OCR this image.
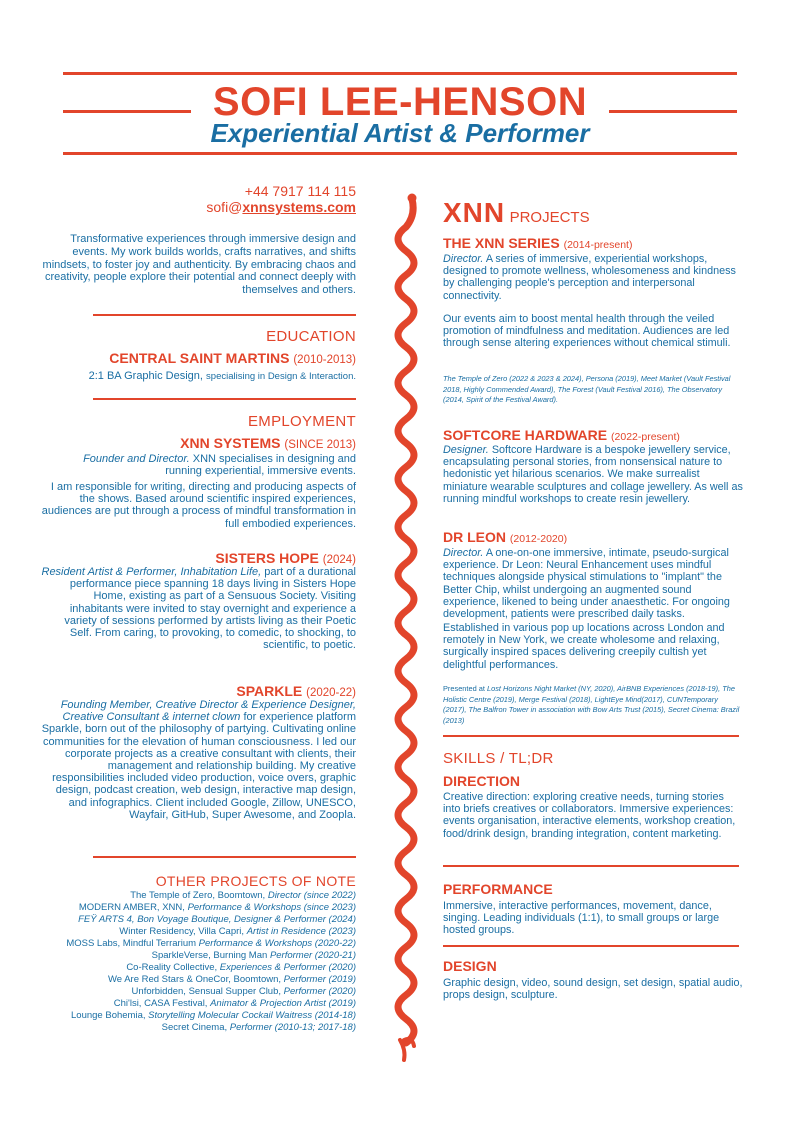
SOFI LEE-HENSON
Experiential Artist & Performer
+44 7917 114 115
sofi@xnnsystems.com
Transformative experiences through immersive design and events. My work builds worlds, crafts narratives, and shifts mindsets, to foster joy and authenticity. By embracing chaos and creativity, people explore their potential and connect deeply with themselves and others.
EDUCATION
CENTRAL SAINT MARTINS (2010-2013)
2:1 BA Graphic Design, specialising in Design & Interaction.
EMPLOYMENT
XNN SYSTEMS (SINCE 2013)
Founder and Director. XNN specialises in designing and running experiential, immersive events.
I am responsible for writing, directing and producing aspects of the shows. Based around scientific inspired experiences, audiences are put through a process of mindful transformation in full embodied experiences.
SISTERS HOPE (2024)
Resident Artist & Performer, Inhabitation Life, part of a durational performance piece spanning 18 days living in Sisters Hope Home, existing as part of a Sensuous Society. Visiting inhabitants were invited to stay overnight and experience a variety of sessions performed by artists living as their Poetic Self. From caring, to provoking, to comedic, to shocking, to scientific, to poetic.
SPARKLE (2020-22)
Founding Member, Creative Director & Experience Designer, Creative Consultant & internet clown for experience platform Sparkle, born out of the philosophy of partying. Cultivating online communities for the elevation of human consciousness. I led our corporate projects as a creative consultant with clients, their management and relationship building. My creative responsibilities included video production, voice overs, graphic design, podcast creation, web design, interactive map design, and infographics. Client included Google, Zillow, UNESCO, Wayfair, GitHub, Super Awesome, and Zoopla.
OTHER PROJECTS OF NOTE
The Temple of Zero, Boomtown, Director (since 2022)
MODERN AMBER, XNN, Performance & Workshops (since 2023)
FEŸ ARTS 4, Bon Voyage Boutique, Designer & Performer (2024)
Winter Residency, Villa Capri, Artist in Residence (2023)
MOSS Labs, Mindful Terrarium Performance & Workshops (2020-22)
SparkleVerse, Burning Man Performer (2020-21)
Co-Reality Collective, Experiences & Performer (2020)
We Are Red Stars & OneCor, Boomtown, Performer (2019)
Unforbidden, Sensual Supper Club, Performer (2020)
Chi'lsi, CASA Festival, Animator & Projection Artist (2019)
Lounge Bohemia, Storytelling Molecular Cockail Waitress (2014-18)
Secret Cinema, Performer (2010-13; 2017-18)
XNN PROJECTS
THE XNN SERIES (2014-present)
Director. A series of immersive, experiential workshops, designed to promote wellness, wholesomeness and kindness by challenging people's perception and interpersonal connectivity.
Our events aim to boost mental health through the veiled promotion of mindfulness and meditation. Audiences are led through sense altering experiences without chemical stimuli.
The Temple of Zero (2022 & 2023 & 2024), Persona (2019), Meet Market (Vault Festival 2018, Highly Commended Award), The Forest (Vault Festival 2016), The Observatory (2014, Spirit of the Festival Award).
SOFTCORE HARDWARE (2022-present)
Designer. Softcore Hardware is a bespoke jewellery service, encapsulating personal stories, from nonsensical nature to hedonistic yet hilarious scenarios. We make surrealist miniature wearable sculptures and collage jewellery. As well as running mindful workshops to create resin jewellery.
DR LEON (2012-2020)
Director. A one-on-one immersive, intimate, pseudo-surgical experience. Dr Leon: Neural Enhancement uses mindful techniques alongside physical stimulations to "implant" the Better Chip, whilst undergoing an augmented sound experience, likened to being under anaesthetic. For ongoing development, patients were prescribed daily tasks.
Established in various pop up locations across London and remotely in New York, we create wholesome and relaxing, surgically inspired spaces delivering creepily cultish yet delightful performances.
Presented at Lost Horizons Night Market (NY, 2020), AirBNB Experiences (2018-19), The Holistic Centre (2019), Merge Festival (2018), LightEye Mind(2017), CUNTemporary (2017), The Balfron Tower in association with Bow Arts Trust (2015), Secret Cinema: Brazil (2013)
SKILLS / TL;DR
DIRECTION
Creative direction: exploring creative needs, turning stories into briefs creatives or collaborators. Immersive experiences: events organisation, interactive elements, workshop creation, food/drink design, branding integration, content marketing.
PERFORMANCE
Immersive, interactive performances, movement, dance, singing. Leading individuals (1:1), to small groups or large hosted groups.
DESIGN
Graphic design, video, sound design, set design, spatial audio, props design, sculpture.
